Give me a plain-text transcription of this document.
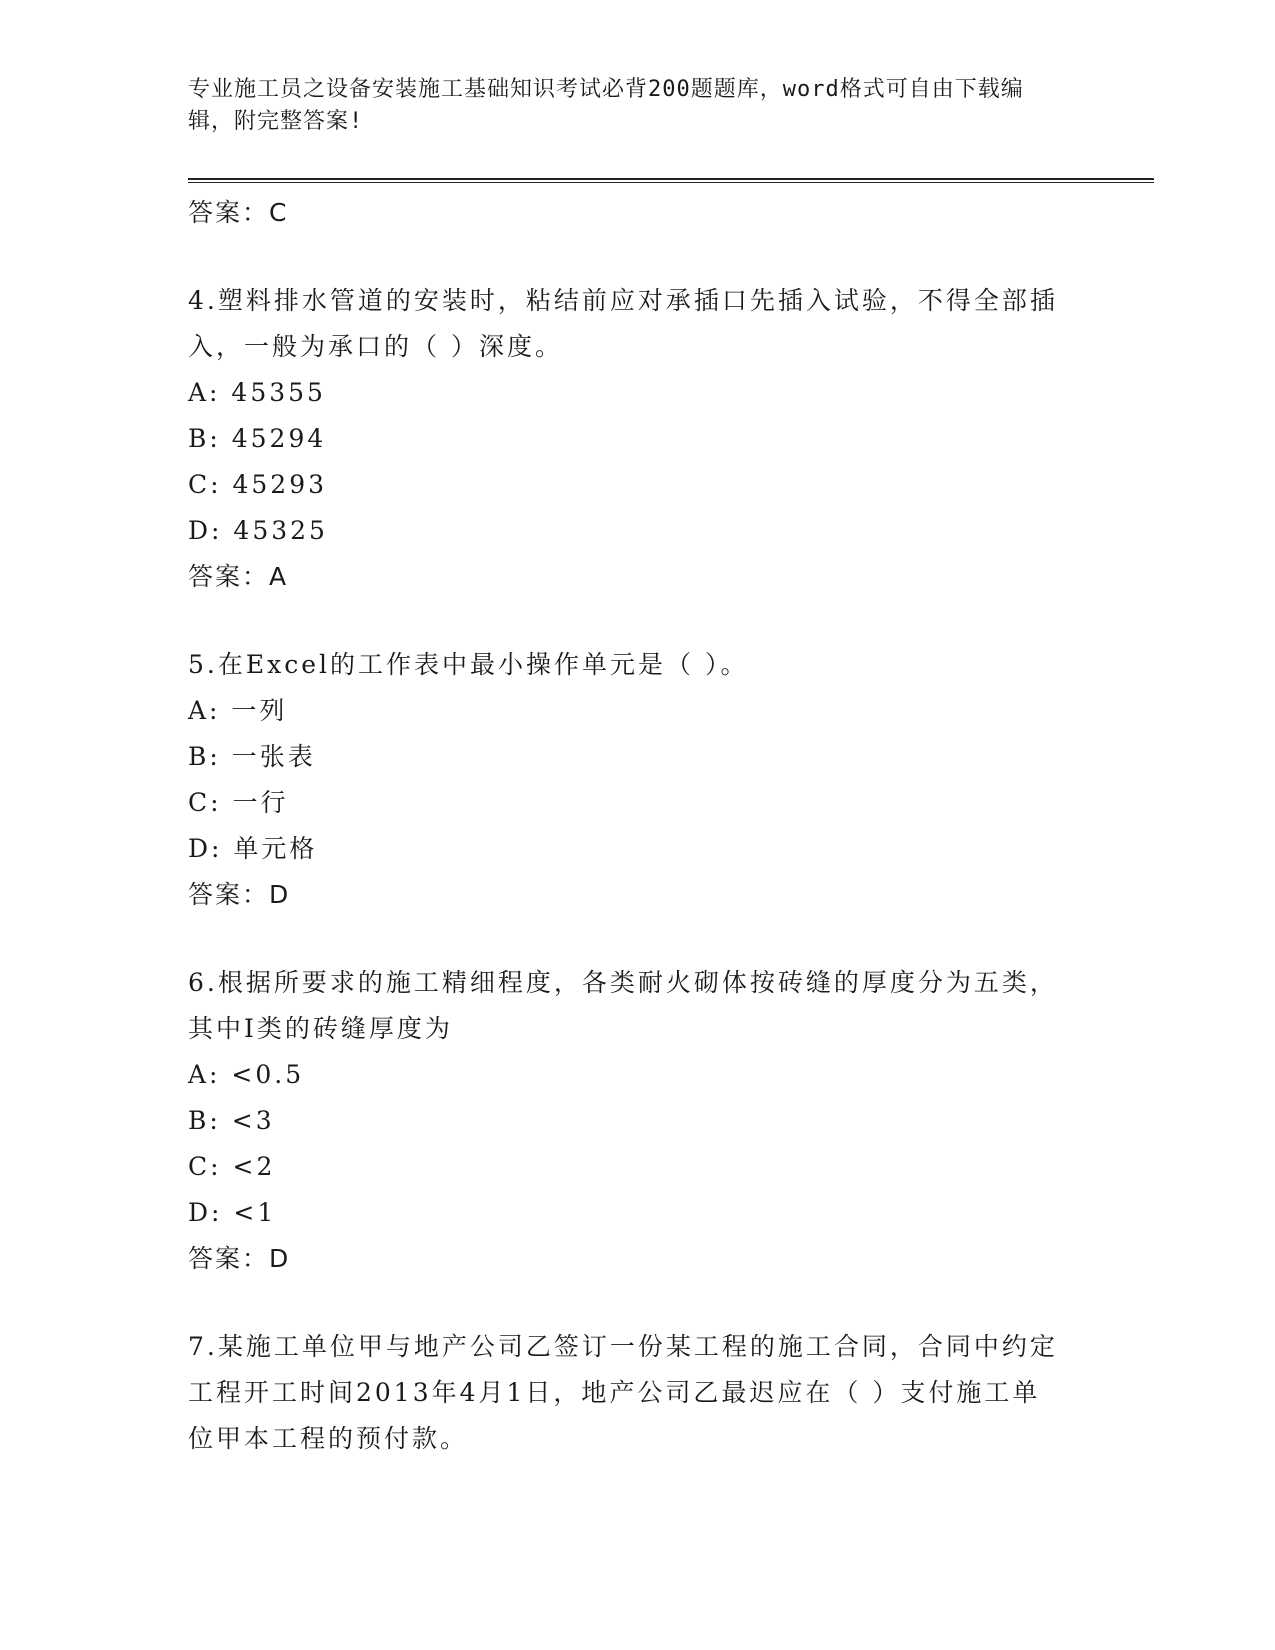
专业施工员之设备安装施工基础知识考试必背200题题库，word格式可自由下载编辑，附完整答案!
答案：C
4.塑料排水管道的安装时，粘结前应对承插口先插入试验，不得全部插入，一般为承口的（ ）深度。
A: 45355
B: 45294
C: 45293
D: 45325
答案：A
5.在Excel的工作表中最小操作单元是（ ）。
A: 一列
B: 一张表
C: 一行
D: 单元格
答案：D
6.根据所要求的施工精细程度，各类耐火砌体按砖缝的厚度分为五类，其中I类的砖缝厚度为
A: <0.5
B: <3
C: <2
D: <1
答案：D
7.某施工单位甲与地产公司乙签订一份某工程的施工合同，合同中约定工程开工时间2013年4月1日，地产公司乙最迟应在（ ）支付施工单位甲本工程的预付款。
